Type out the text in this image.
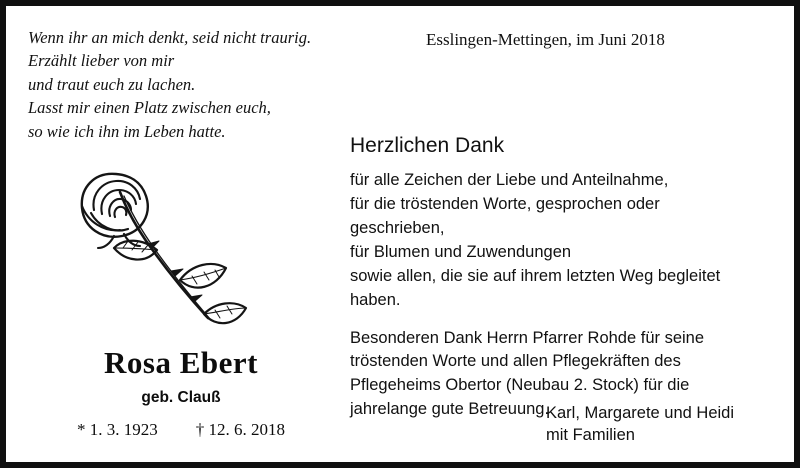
Wenn ihr an mich denkt, seid nicht traurig.
Erzählt lieber von mir
und traut euch zu lachen.
Lasst mir einen Platz zwischen euch,
so wie ich ihn im Leben hatte.
Rosa Ebert
geb. Clauß
* 1. 3. 1923 † 12. 6. 2018
Esslingen-Mettingen, im Juni 2018
Herzlichen Dank
für alle Zeichen der Liebe und Anteilnahme,
für die tröstenden Worte, gesprochen oder
geschrieben,
für Blumen und Zuwendungen
sowie allen, die sie auf ihrem letzten Weg begleitet
haben.
Besonderen Dank Herrn Pfarrer Rohde für seine
tröstenden Worte und allen Pflegekräften des
Pflegeheims Obertor (Neubau 2. Stock) für die
jahrelange gute Betreuung.
Karl, Margarete und Heidi
mit Familien
